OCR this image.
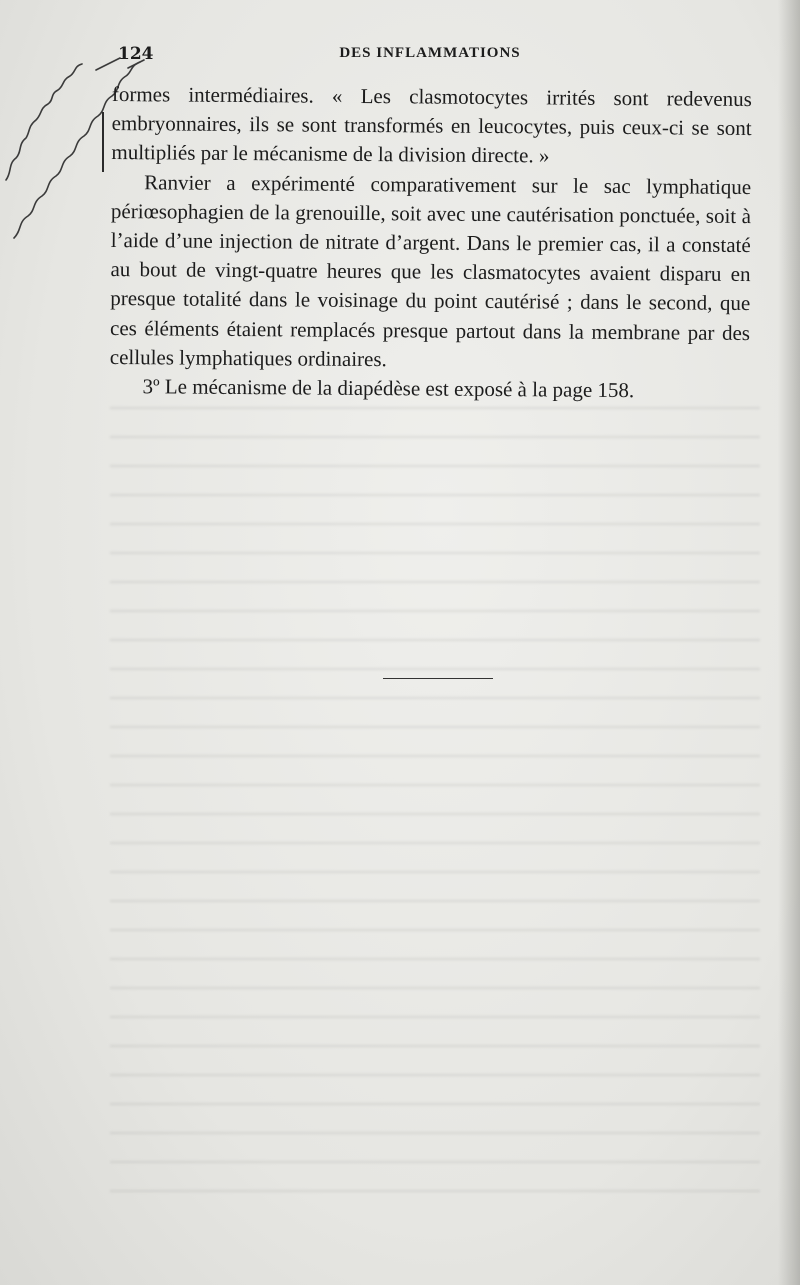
124	DES INFLAMMATIONS

formes intermédiaires. « Les clasmotocytes irrités sont redevenus embryonnaires, ils se sont transformés en leucocytes, puis ceux-ci se sont multipliés par le mécanisme de la division directe. »

Ranvier a expérimenté comparativement sur le sac lymphatique périœsophagien de la grenouille, soit avec une cautérisation ponctuée, soit à l’aide d’une injection de nitrate d’argent. Dans le premier cas, il a constaté au bout de vingt-quatre heures que les clasmatocytes avaient disparu en presque totalité dans le voisinage du point cautérisé ; dans le second, que ces éléments étaient remplacés presque partout dans la membrane par des cellules lymphatiques ordinaires.

3º Le mécanisme de la diapédèse est exposé à la page 158.
